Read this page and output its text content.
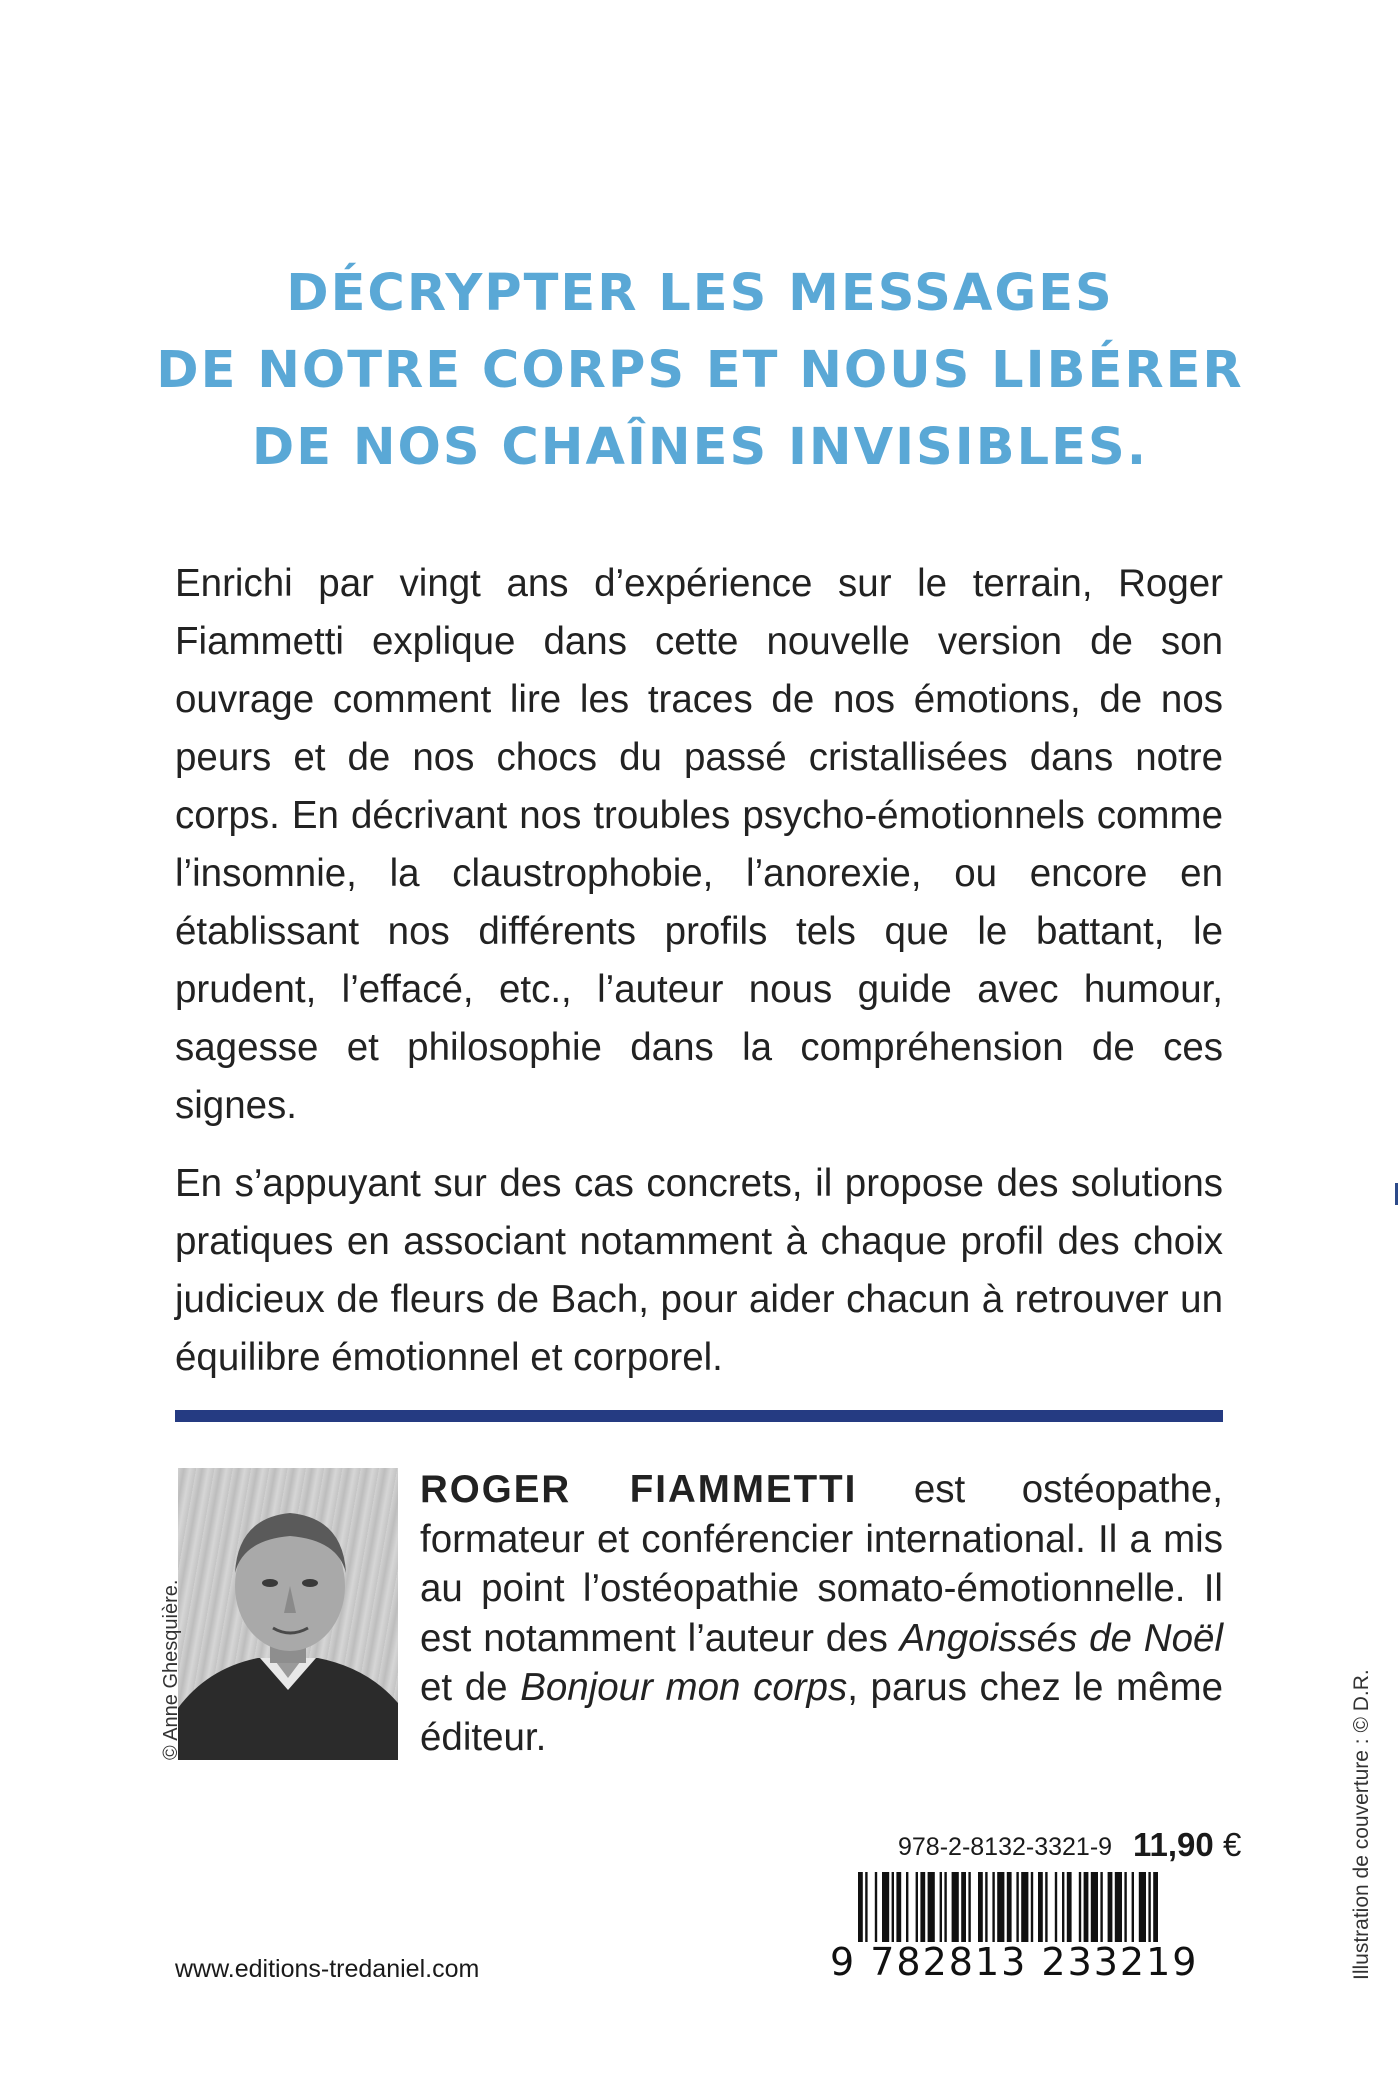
DÉCRYPTER LES MESSAGES
DE NOTRE CORPS ET NOUS LIBÉRER
DE NOS CHAÎNES INVISIBLES.

Enrichi par vingt ans d’expérience sur le terrain, Roger Fiammetti explique dans cette nouvelle version de son ouvrage comment lire les traces de nos émotions, de nos peurs et de nos chocs du passé cristallisées dans notre corps. En décrivant nos troubles psycho-émotionnels comme l’insomnie, la claustrophobie, l’anorexie, ou encore en établissant nos différents profils tels que le battant, le prudent, l’effacé, etc., l’auteur nous guide avec humour, sagesse et philosophie dans la compréhension de ces signes.

En s’appuyant sur des cas concrets, il propose des solutions pratiques en associant notamment à chaque profil des choix judicieux de fleurs de Bach, pour aider chacun à retrouver un équilibre émotionnel et corporel.

© Anne Ghesquière.

ROGER FIAMMETTI est ostéopathe, formateur et conférencier international. Il a mis au point l’ostéopathie somato-émotionnelle. Il est notamment l’auteur des Angoissés de Noël et de Bonjour mon corps, parus chez le même éditeur.	Illustration de couverture : © D.R.
978-2-8132-3321-9 11,90 €
9 782813 233219
www.editions-tredaniel.com
